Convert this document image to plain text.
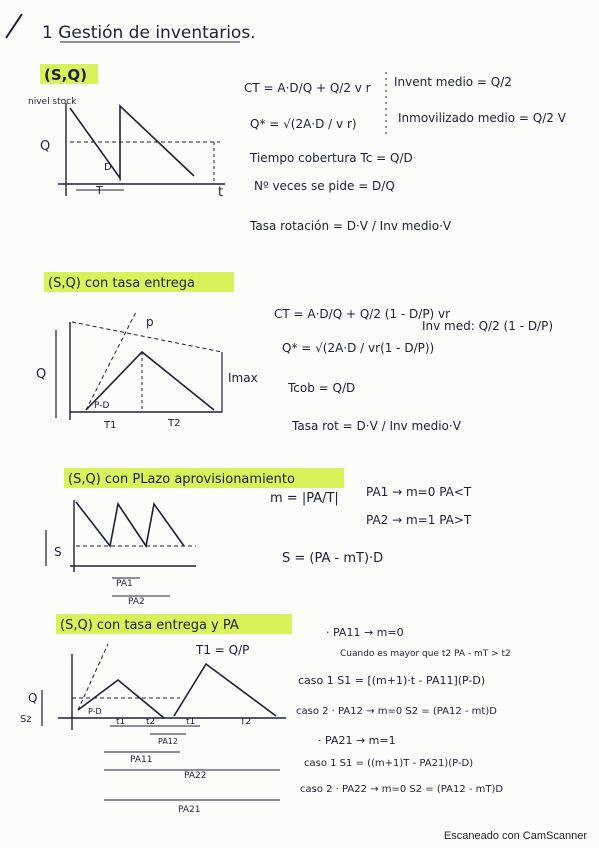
1 Gestión de inventarios.
(S,Q)
nivel stock
t
Q
T
D
CT = A·D/Q + Q/2 v r
Q* = √(2A·D / v r)
Tiempo cobertura Tc = Q/D
Nº veces se pide = D/Q
Tasa rotación = D·V / Inv medio·V
Invent medio = Q/2
Inmovilizado medio = Q/2 V
(S,Q) con tasa entrega
Q
p
Imax
P-D
T1	T2
CT = A·D/Q + Q/2 (1 - D/P) vr
Q* = √(2A·D / vr(1 - D/P))
Inv med: Q/2 (1 - D/P)
Tcob = Q/D
Tasa rot = D·V / Inv medio·V
(S,Q) con PLazo aprovisionamiento
S
PA1
PA2
m = |PA/T| PA1 → m=0 PA<T
PA2 → m=1 PA>T
S = (PA - mT)·D
(S,Q) con tasa entrega y PA
T1 = Q/P
Q
Sz
P-D
t1 t2	t1	T2
PA12
PA11
PA22
PA21
· PA11 → m=0
Cuando es mayor que t2 PA - mT > t2
caso 1 S1 = [(m+1)·t - PA11](P-D)
caso 2 · PA12 → m=0 S2 = (PA12 - mt)D
· PA21 → m=1
caso 1 S1 = ((m+1)T - PA21)(P-D)
caso 2 · PA22 → m=0 S2 = (PA12 - mT)D
Escaneado con CamScanner
